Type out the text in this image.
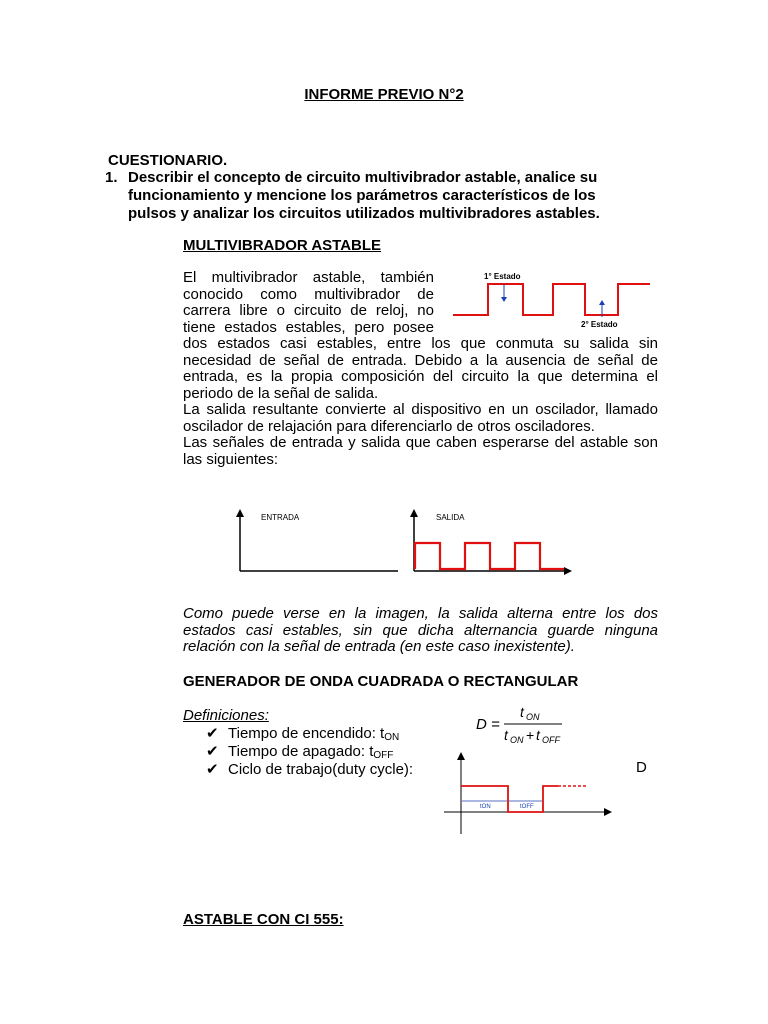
INFORME PREVIO N°2
CUESTIONARIO.
1. Describir el concepto de circuito multivibrador astable, analice su
funcionamiento y mencione los parámetros característicos de los
pulsos y analizar los circuitos utilizados multivibradores astables.
MULTIVIBRADOR ASTABLE
El multivibrador astable, también
conocido como multivibrador de
carrera libre o circuito de reloj, no
tiene estados estables, pero posee
1° Estado
2° Estado

dos estados casi estables, entre los que conmuta su salida sin necesidad de señal de entrada. Debido a la ausencia de señal de entrada, es la propia composición del circuito la que determina el periodo de la señal de salida.

La salida resultante convierte al dispositivo en un oscilador, llamado oscilador de relajación para diferenciarlo de otros osciladores.

Las señales de entrada y salida que caben esperarse del astable son las siguientes:

ENTRADA	SALIDA
Como puede verse en la imagen, la salida alterna entre los dos estados casi estables, sin que dicha alternancia guarde ninguna relación con la señal de entrada (en este caso inexistente).
GENERADOR DE ONDA CUADRADA O RECTANGULAR
Definiciones:
✔ Tiempo de encendido: $t_{ON}$
✔ Tiempo de apagado: $t_{OFF}$
✔ Ciclo de trabajo(duty cycle):	D
D =
t ON
t ON + t OFF
tON	tOFF
ASTABLE CON CI 555:
